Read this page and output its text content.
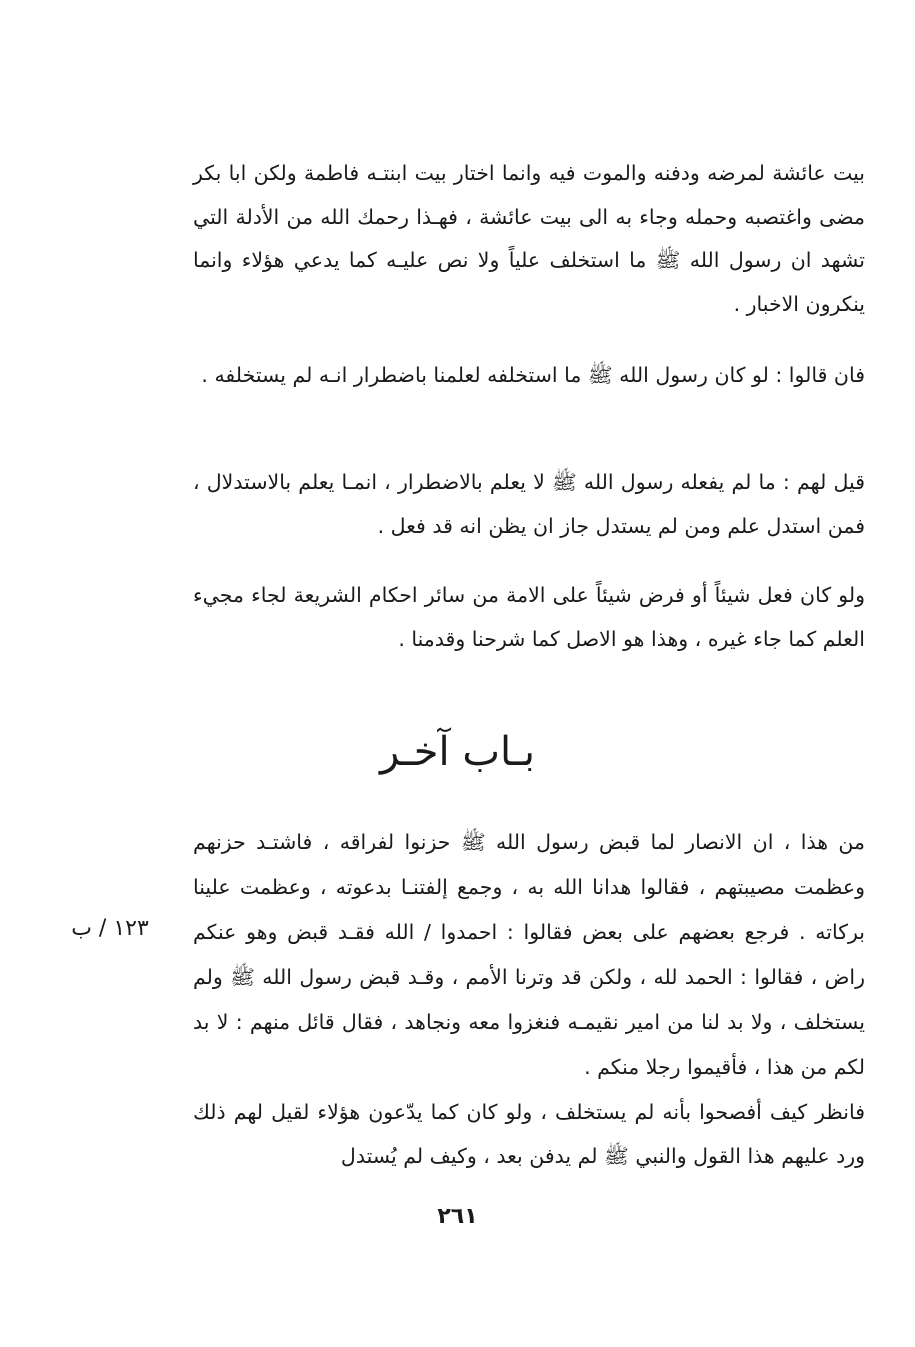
بيت عائشة لمرضه ودفنه والموت فيه وانما اختار بيت ابنتـه فاطمة ولكن ابا بكر مضى واغتصبه وحمله وجاء به الى بيت عائشة ، فهـذا رحمك الله من الأدلة التي تشهد ان رسول الله ﷺ ما استخلف علياً ولا نص عليـه كما يدعي هؤلاء وانما ينكرون الاخبار .

فان قالوا : لو كان رسول الله ﷺ ما استخلفه لعلمنا باضطرار انـه لم يستخلفه .

قيل لهم : ما لم يفعله رسول الله ﷺ لا يعلم بالاضطرار ، انمـا يعلم بالاستدلال ، فمن استدل علم ومن لم يستدل جاز ان يظن انه قد فعل .

ولو كان فعل شيئاً أو فرض شيئاً على الامة من سائر احكام الشريعة لجاء مجيء العلم كما جاء غيره ، وهذا هو الاصل كما شرحنا وقدمنا .

بـاب آخـر

من هذا ، ان الانصار لما قبض رسول الله ﷺ حزنوا لفراقه ، فاشتـد حزنهم وعظمت مصيبتهم ، فقالوا هدانا الله به ، وجمع إلفتنـا بدعوته ، وعظمت علينا بركاته . فرجع بعضهم على بعض فقالوا : احمدوا / الله فقـد قبض وهو عنكم راض ، فقالوا : الحمد لله ، ولكن قد وترنا الأمم ، وقـد قبض رسول الله ﷺ ولم يستخلف ، ولا بد لنا من امير نقيمـه فنغزوا معه ونجاهد ، فقال قائل منهم : لا بد لكم من هذا ، فأقيموا رجلا منكم .

فانظر كيف أفصحوا بأنه لم يستخلف ، ولو كان كما يدّعون هؤلاء لقيل لهم ذلك ورد عليهم هذا القول والنبي ﷺ لم يدفن بعد ، وكيف لم يُستدل

١٢٣ / ب
٢٦١
